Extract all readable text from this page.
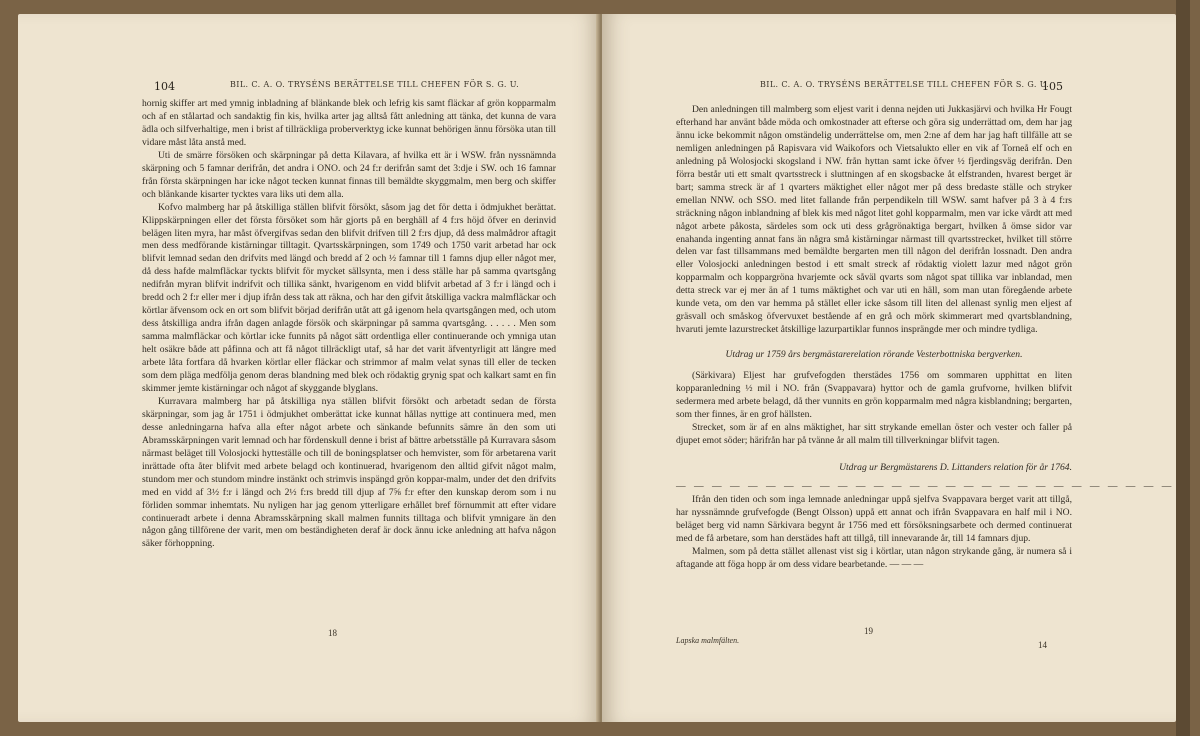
104	BIL. C. A. O. TRYSÉNS BERÄTTELSE TILL CHEFEN FÖR S. G. U.

hornig skiffer art med ymnig inbladning af blänkande blek och lefrig kis samt fläckar af grön kopparmalm och af en stålartad och sandaktig fin kis, hvilka arter jag alltså fått anledning att tänka, det kunna de vara ädla och silfverhaltige, men i brist af tillräckliga proberverktyg icke kunnat behörigen ännu försöka utan till vidare måst låta anstå med.

Uti de smärre försöken och skärpningar på detta Kilavara, af hvilka ett är i WSW. från nyssnämnda skärpning och 5 famnar derifrån, det andra i ONO. och 24 f:r derifrån samt det 3:dje i SW. och 16 famnar från första skärpningen har icke något tecken kunnat finnas till bemäldte skyggmalm, men berg och skiffer och blänkande kisarter tycktes vara liks uti dem alla.

Kofvo malmberg har på åtskilliga ställen blifvit försökt, såsom jag det för detta i ödmjukhet berättat. Klippskärpningen eller det första försöket som här gjorts på en berghäll af 4 f:rs höjd öfver en derinvid belägen liten myra, har måst öfvergifvas sedan den blifvit drifven till 2 f:rs djup, då dess malmådror aftagit men dess medförande kistärningar tilltagit. Qvartsskärpningen, som 1749 och 1750 varit arbetad har ock blifvit lemnad sedan den drifvits med längd och bredd af 2 och ½ famnar till 1 famns djup eller något mer, då dess hafde malmfläckar tyckts blifvit för mycket sällsynta, men i dess ställe har på samma qvartsgång nedifrån myran blifvit indrifvit och tillika sänkt, hvarigenom en vidd blifvit arbetad af 3 f:r i längd och i bredd och 2 f:r eller mer i djup ifrån dess tak att räkna, och har den gifvit åtskilliga vackra malmfläckar och körtlar äfvensom ock en ort som blifvit börjad derifrån utåt att gå igenom hela qvartsgången med, och utom dess åtskilliga andra ifrån dagen anlagde försök och skärpningar på samma qvartsgång. . . . . . Men som samma malmfläckar och körtlar icke funnits på något sätt ordentliga eller continuerande och ymniga utan helt osäkre både att påfinna och att få något tillräckligt utaf, så har det varit äfventyrligit att längre med arbete låta fortfara då hvarken körtlar eller fläckar och strimmor af malm velat synas till eller de tecken som dem pläga medfölja genom deras blandning med blek och rödaktig grynig spat och kalkart samt en fin skimmer jemte kistärningar och något af skyggande blyglans.

Kurravara malmberg har på åtskilliga nya ställen blifvit försökt och arbetadt sedan de första skärpningar, som jag år 1751 i ödmjukhet omberättat icke kunnat hållas nyttige att continuera med, men desse anledningarna hafva alla efter något arbete och sänkande befunnits sämre än den som uti Abramsskärpningen varit lemnad och har fördenskull denne i brist af bättre arbetsställe på Kurravara såsom närmast beläget till Volosjocki hytteställe och till de boningsplatser och hemvister, som för arbetarena varit inrättade ofta åter blifvit med arbete belagd och kontinuerad, hvarigenom den alltid gifvit något malm, stundom mer och stundom mindre instänkt och strimvis inspängd grön koppar-malm, under det den drifvits med en vidd af 3½ f:r i längd och 2½ f:rs bredd till djup af 7⅝ f:r efter den kunskap derom som i nu förliden sommar inhemtats. Nu nyligen har jag genom ytterligare erhållet bref förnummit att efter vidare continueradt arbete i denna Abramsskärpning skall malmen funnits tilltaga och blifvit ymnigare än den någon gång tillförene der varit, men om beständigheten deraf är dock ännu icke anledning att hafva någon säker förhoppning.

18
BIL. C. A. O. TRYSÉNS BERÄTTELSE TILL CHEFEN FÖR S. G. U.
105

Den anledningen till malmberg som eljest varit i denna nejden uti Jukkasjärvi och hvilka Hr Fougt efterhand har använt både möda och omkostnader att efterse och göra sig underrättad om, dem har jag ännu icke bekommit någon omständelig underrättelse om, men 2:ne af dem har jag haft tillfälle att se nemligen anledningen på Rapisvara vid Waikofors och Vietsalukto eller en vik af Torneå elf och en anledning på Wolosjocki skogsland i NW. från hyttan samt icke öfver ½ fjerdingsväg derifrån. Den förra består uti ett smalt qvartsstreck i sluttningen af en skogsbacke åt elfstranden, hvarest berget är bart; samma streck är af 1 qvarters mäktighet eller något mer på dess bredaste ställe och stryker emellan NNW. och SSO. med litet fallande från perpendikeln till WSW. samt hafver på 3 à 4 f:rs sträckning någon inblandning af blek kis med något litet gohl kopparmalm, men var icke värdt att med något arbete påkosta, särdeles som ock uti dess grågrönaktiga bergart, hvilken å ömse sidor var enahanda ingenting annat fans än några små kistärningar närmast till qvartsstrecket, hvilket till större delen var fast tillsammans med bemäldte bergarten men till någon del derifrån lossnadt. Den andra eller Volosjocki anledningen bestod i ett smalt streck af rödaktig violett lazur med något grön kopparmalm och koppargröna hvarjemte ock såväl qvarts som något spat tillika var inblandad, men detta streck var ej mer än af 1 tums mäktighet och var uti en häll, som man utan föregående arbete kunde veta, om den var hemma på stället eller icke såsom till liten del allenast synlig men eljest af gräsvall och småskog öfvervuxet bestående af en grå och mörk skimmerart med qvartsblandning, hvaruti jemte lazurstrecket åtskillige lazurpartiklar funnos insprängde mer och mindre tydliga.

Utdrag ur 1759 års bergmästarerelation rörande Vesterbottniska bergverken.

(Särkivara) Eljest har grufvefogden therstädes 1756 om sommaren upphittat en liten kopparanledning ½ mil i NO. från (Svappavara) hyttor och de gamla grufvorne, hvilken blifvit sedermera med arbete belagd, då ther vunnits en grön kopparmalm med några kisblandning; bergarten, som ther finnes, är en grof hällsten.

Strecket, som är af en alns mäktighet, har sitt strykande emellan öster och vester och faller på djupet emot söder; härifrån har på tvänne år all malm till tillverkningar blifvit tagen.

Utdrag ur Bergmästarens D. Littanders relation för år 1764.
— — — — — — — — — — — — — — — — — — — — — — — — — — — —

Ifrån den tiden och som inga lemnade anledningar uppå sjelfva Svappavara berget varit att tillgå, har nyssnämnde grufvefogde (Bengt Olsson) uppå ett annat och ifrån Svappavara en half mil i NO. beläget berg vid namn Särkivara begynt år 1756 med ett försöksningsarbete och dermed continuerat med de få arbetare, som han derstädes haft att tillgå, till innevarande år, till 14 famnars djup.

Malmen, som på detta stället allenast vist sig i körtlar, utan någon strykande gång, är numera så i aftagande att föga hopp är om dess vidare bearbetande. — — —

19
Lapska malmfälten.	14
